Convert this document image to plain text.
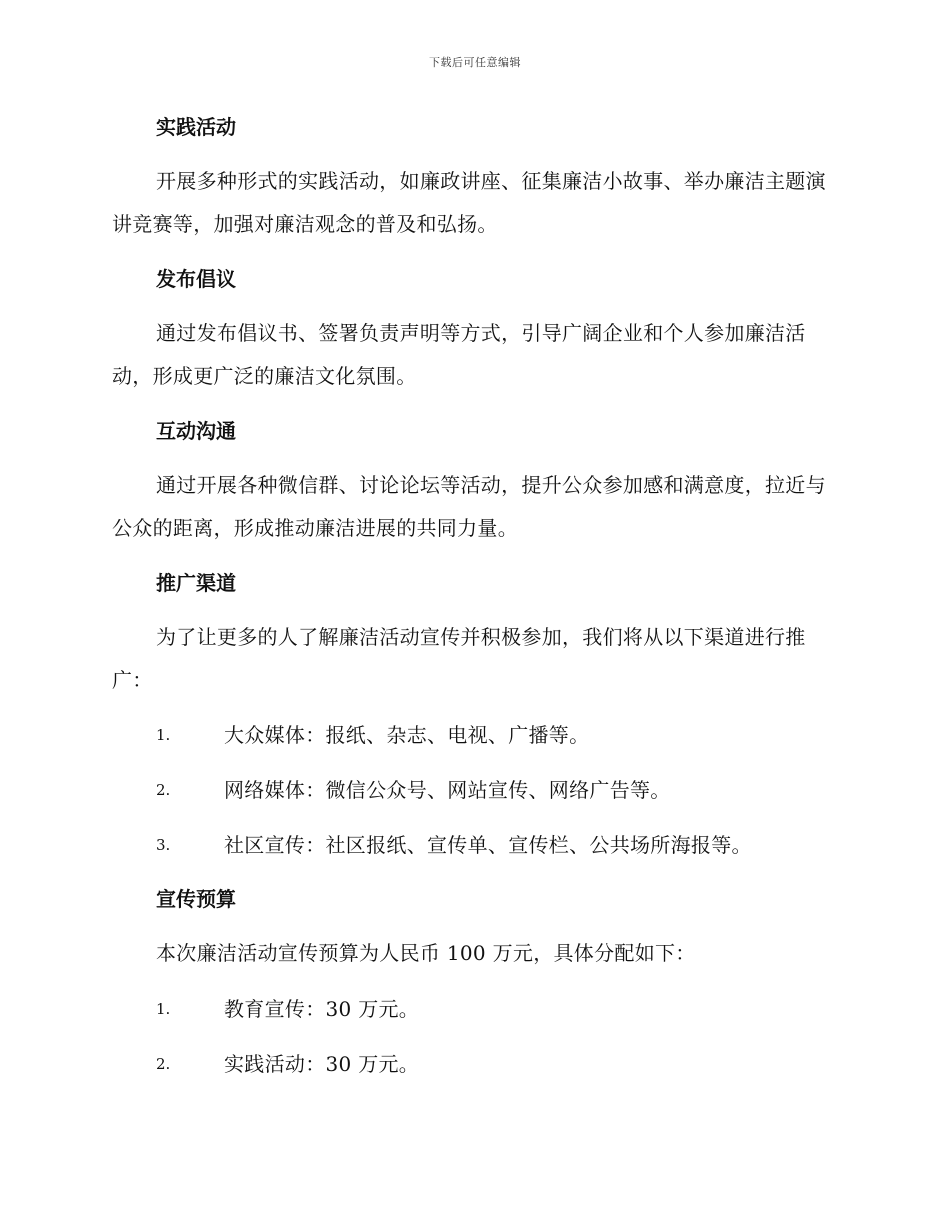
下载后可任意编辑
实践活动
开展多种形式的实践活动，如廉政讲座、征集廉洁小故事、举办廉洁主题演讲竞赛等，加强对廉洁观念的普及和弘扬。
发布倡议
通过发布倡议书、签署负责声明等方式，引导广阔企业和个人参加廉洁活动，形成更广泛的廉洁文化氛围。
互动沟通
通过开展各种微信群、讨论论坛等活动，提升公众参加感和满意度，拉近与公众的距离，形成推动廉洁进展的共同力量。
推广渠道
为了让更多的人了解廉洁活动宣传并积极参加，我们将从以下渠道进行推广：
1.	大众媒体：报纸、杂志、电视、广播等。
2.	网络媒体：微信公众号、网站宣传、网络广告等。
3.	社区宣传：社区报纸、宣传单、宣传栏、公共场所海报等。
宣传预算
本次廉洁活动宣传预算为人民币 100 万元，具体分配如下：
1.	教育宣传：30 万元。
2.	实践活动：30 万元。
